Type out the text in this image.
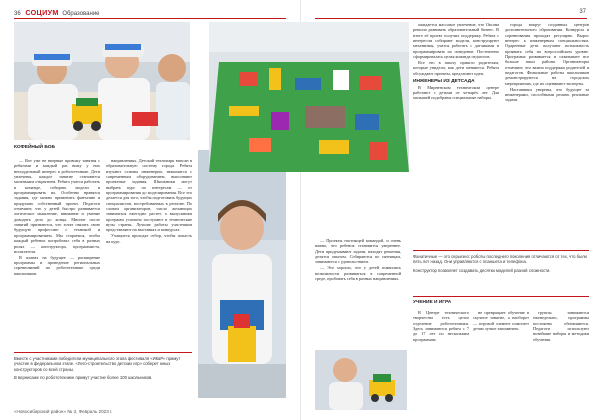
36 СОЦИУМ Образование
КОФЕЙНЫЙ БОБ

— Вот уже не впервые провожу занятия с ребятами и каждый раз вижу у них неподдельный интерес к робототехнике. Дети увлечены, каждое занятие становится маленьким открытием. Ребята учатся работать в команде, собирать модели и программировать их. Особенно нравятся задания, где можно применить фантазию и придумать собственный проект. Педагоги отмечают, что у детей быстро развивается логическое мышление, внимание и умение доводить дело до конца. Многие после занятий признаются, что хотят связать свою будущую профессию с техникой и программированием. Мы стараемся, чтобы каждый ребенок попробовал себя в разных ролях — конструктора, программиста, испытателя.

В планах на будущее — расширение программы и проведение региональных соревнований по робототехнике среди школьников.

направлениях. Детский технопарк вписан в образовательную систему города. Ребята изучают основы инженерии, знакомятся с современным оборудованием, выполняют проектные задания. Школьники могут выбрать курс по интересам — от программирования до моделирования. Все это делается для того, чтобы подготовить будущих специалистов, востребованных в регионе. По словам организаторов, число желающих заниматься ежегодно растет, а выпускники программ успешно поступают в технические вузы страны. Лучшие работы участников представляют на выставках и конкурсах.

Учащиеся проходят отбор, чтобы попасть на курс.

Вместе с участниками победители муниципального этапа фестиваля «ИКаР» примут участие в федеральном этапе. «Лего-строительство детских игр» соберет юных конструкторов со всей страны.

В вернисаже по робототехнике примут участие более 100 школьников.

«Новосибирский район» № 3, Февраль 2023 г.
37

ожидается массовое увлечение, что Оксана решила развивать образовательный бизнес. В итоге её проект получил поддержку. Ребята с интересом собирают модели, конструируют механизмы, учатся работать с датчиками и программировать их поведение. Постепенно сформировалась целая команда педагогов.

Все это в школу пришло родителям, которые увидели, как дети меняются. Ребята обсуждают проекты, предлагают идеи.

ИНЖЕНЕРЫ ИЗ ДЕТСАДА

В Мирненском техническом центре работают с детьми от четырёх лет. Для малышей подобраны специальные наборы.

города вокруг созданных центров дополнительного образования. Конкурсы и соревнования проходят регулярно. Вырос интерес к инженерным специальностям. Одаренные дети получают возможность проявить себя на всероссийском уровне. Программа развивается и охватывает все больше школ района. Организаторы отмечают, что важна поддержка родителей и педагогов. Финальные работы школьников демонстрируются на городских мероприятиях, где их оценивают эксперты.

Наставники уверены, что будущее за инженерами, способными решать реальные задачи.

— Проекты настоящей командой, и очень важно, что ребенок становится увереннее. Дети придумывают задачи, находят решения, делятся опытом. Собираются по пятницам, занимаются с удовольствием.

— Это хорошо, что у детей появились возможности развиваться в современной среде, пробовать себя в разных направлениях.

Фанатичные — это серьезно: роботы последнего поколения отличаются от тех, что были пять лет назад. Они управляются с планшета и телефона.

Конструктор позволяет создавать десятки моделей разной сложности.

УЧЕНИЕ И ИГРА

В Центре технического творчества есть целое отделение робототехники. Здесь занимаются ребята с 7 до 17 лет по нескольким программам.

не превращает обучение в скучное занятие, а наоборот — игровой элемент помогает детям лучше запоминать.

группы занимаются еженедельно, программы постоянно обновляются. Педагоги используют новейшие наборы и методики обучения.
